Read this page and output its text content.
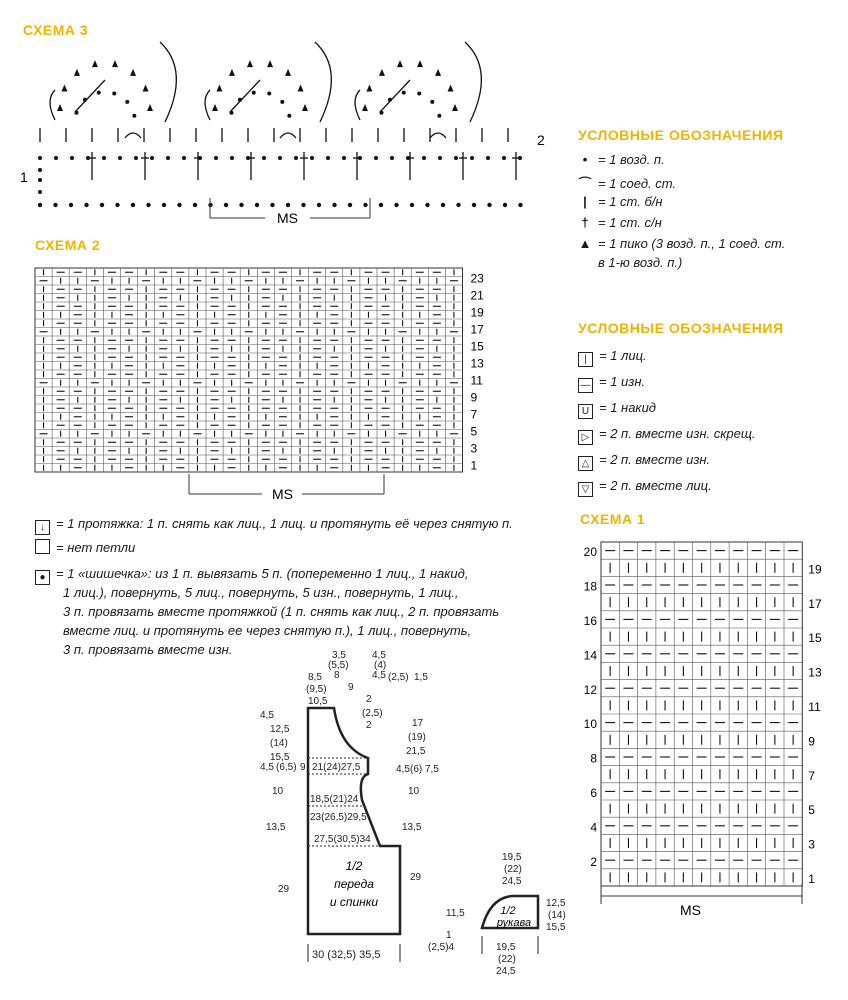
СХЕМА 3
1
2
MS
УСЛОВНЫЕ ОБОЗНАЧЕНИЯ
• = 1 возд. п.
⌒ = 1 соед. ст.
| = 1 ст. б/н
† = 1 ст. с/н
▲ = 1 пико (3 возд. п., 1 соед. ст.
в 1-ю возд. п.)
СХЕМА 2
23
21
19
17
15
13
11
9
7
5
3
1
MS
УСЛОВНЫЕ ОБОЗНАЧЕНИЯ
| = 1 лиц.
— = 1 изн.
U = 1 накид
▷ = 2 п. вместе изн. скрещ.
△ = 2 п. вместе изн.
▽ = 2 п. вместе лиц.
↓ = 1 протяжка: 1 п. снять как лиц., 1 лиц. и протянуть её через снятую п.
= нет петли
● = 1 «шишечка»: из 1 п. вывязать 5 п. (попеременно 1 лиц., 1 накид,
1 лиц.), повернуть, 5 лиц., повернуть, 5 изн., повернуть, 1 лиц.,
3 п. провязать вместе протяжкой (1 п. снять как лиц., 2 п. провязать
вместе лиц. и протянуть ее через снятую п.), 1 лиц., повернуть,
3 п. провязать вместе изн.
СХЕМА 1
20
18
16
14
12
10
8
6
4
2
19
17
15
13
11
9
7
5
3
1
MS
1/2
переда
и спинки
1/2
рукава
3,5
(5,5)
8
4,5
(4)
4,5
8,5
(9,5)
10,5
9
(2,5) 1,5
2
(2,5)
2
4,5
12,5
(14)
15,5
4,5 (6,5) 9
10
13,5
29
21(24)27,5
18,5(21)24
23(26,5)29,5
27,5(30,5)34
17
(19)
21,5
4,5 (6) 7,5
10
13,5
29
30 (32,5) 35,5
19,5
(22)
24,5
11,5
12,5
(14)
15,5
1
(2,5)4	19,5
(22)
24,5
